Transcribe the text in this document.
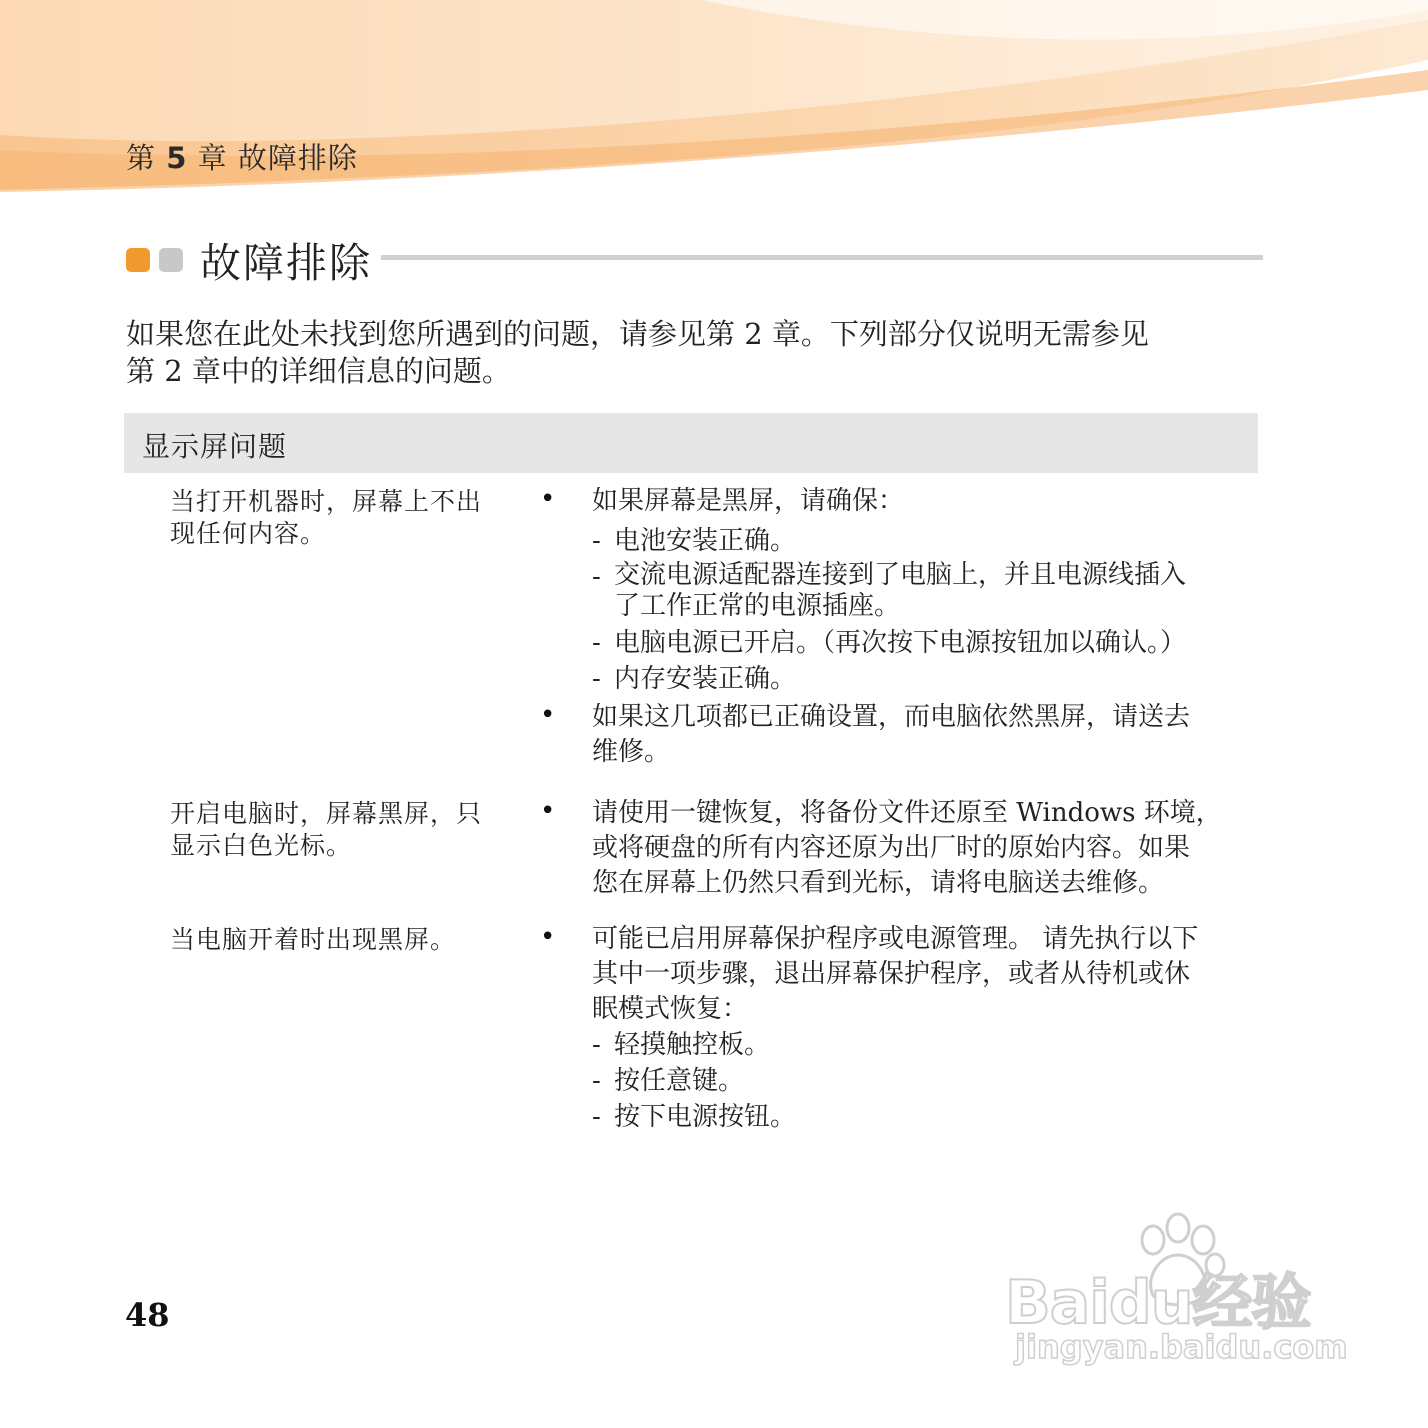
第 5 章 故障排除
故障排除
如果您在此处未找到您所遇到的问题，请参见第 2 章。下列部分仅说明无需参见
第 2 章中的详细信息的问题。
显示屏问题
当打开机器时，屏幕上不出
现任何内容。
• 如果屏幕是黑屏，请确保：
- 电池安装正确。
- 交流电源适配器连接到了电脑上，并且电源线插入
了工作正常的电源插座。
- 电脑电源已开启。（再次按下电源按钮加以确认。）
- 内存安装正确。
• 如果这几项都已正确设置，而电脑依然黑屏，请送去
维修。
开启电脑时，屏幕黑屏，只
显示白色光标。
• 请使用一键恢复，将备份文件还原至 Windows 环境，
或将硬盘的所有内容还原为出厂时的原始内容。如果
您在屏幕上仍然只看到光标，请将电脑送去维修。
当电脑开着时出现黑屏。	• 可能已启用屏幕保护程序或电源管理。 请先执行以下
其中一项步骤，退出屏幕保护程序，或者从待机或休
眠模式恢复：
- 轻摸触控板。
- 按任意键。
- 按下电源按钮。
48	Baidu经验
jingyan.baidu.com
